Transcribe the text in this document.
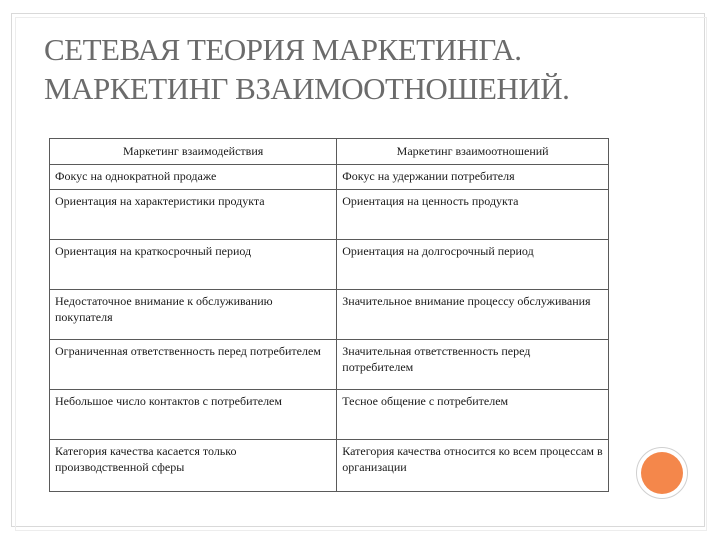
СЕТЕВАЯ ТЕОРИЯ МАРКЕТИНГА.
МАРКЕТИНГ ВЗАИМООТНОШЕНИЙ.
Маркетинг взаимодействия	Маркетинг взаимоотношений
Фокус на однократной продаже	Фокус на удержании потребителя
Ориентация на характеристики продукта	Ориентация на ценность продукта
Ориентация на краткосрочный период	Ориентация на долгосрочный период
Недостаточное внимание к обслуживанию покупателя	Значительное внимание процессу обслуживания
Ограниченная ответственность перед потребителем	Значительная ответственность перед потребителем
Небольшое число контактов с потребителем	Тесное общение с потребителем
Категория качества касается только производственной сферы	Категория качества относится ко всем процессам в организации
